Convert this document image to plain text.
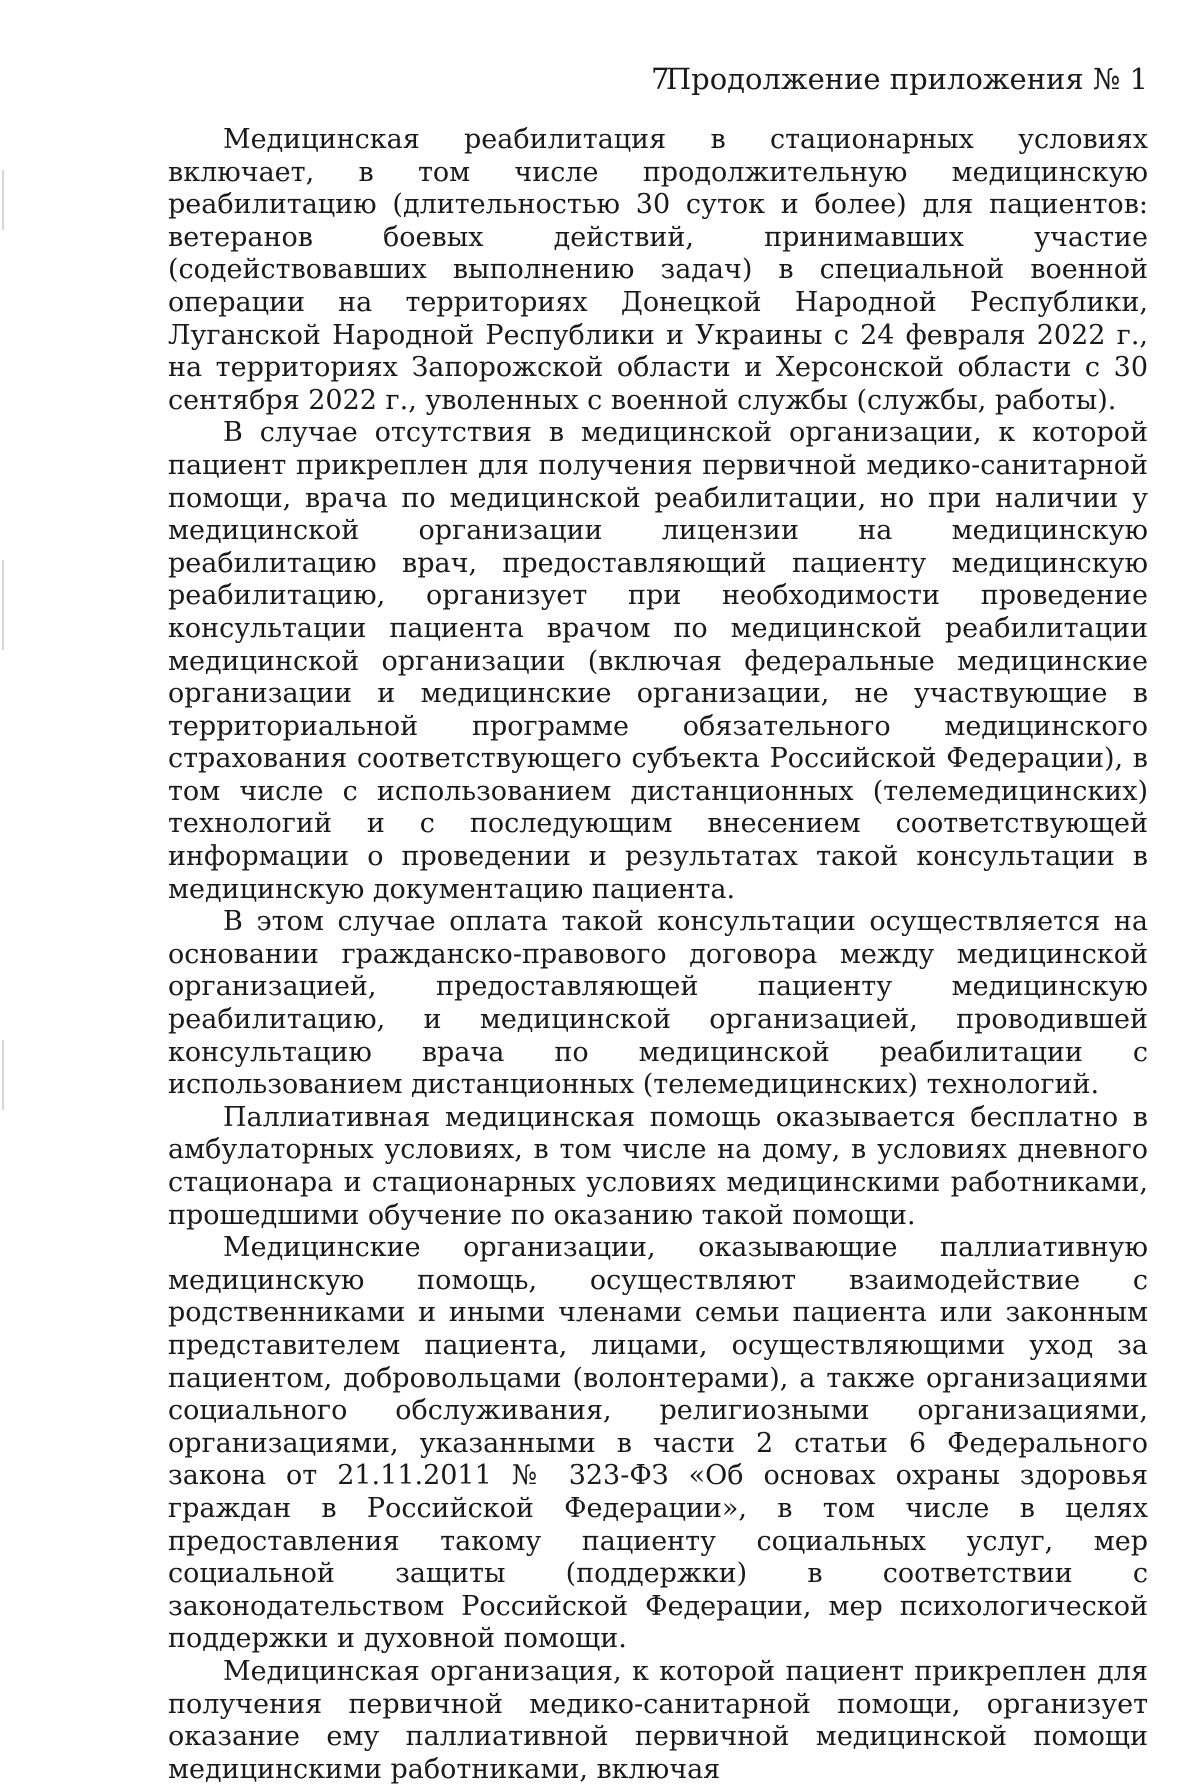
7
Продолжение приложения № 1

Медицинская реабилитация в стационарных условиях включает, в том числе продолжительную медицинскую реабилитацию (длительностью 30 суток и более) для пациентов: ветеранов боевых действий, принимавших участие (содействовавших выполнению задач) в специальной военной операции на территориях Донецкой Народной Республики, Луганской Народной Республики и Украины с 24 февраля 2022 г., на территориях Запорожской области и Херсонской области с 30 сентября 2022 г., уволенных с военной службы (службы, работы).

В случае отсутствия в медицинской организации, к которой пациент прикреплен для получения первичной медико-санитарной помощи, врача по медицинской реабилитации, но при наличии у медицинской организации лицензии на медицинскую реабилитацию врач, предоставляющий пациенту медицинскую реабилитацию, организует при необходимости проведение консультации пациента врачом по медицинской реабилитации медицинской организации (включая федеральные медицинские организации и медицинские организации, не участвующие в территориальной программе обязательного медицинского страхования соответствующего субъекта Российской Федерации), в том числе с использованием дистанционных (телемедицинских) технологий и с последующим внесением соответствующей информации о проведении и результатах такой консультации в медицинскую документацию пациента.

В этом случае оплата такой консультации осуществляется на основании гражданско-правового договора между медицинской организацией, предоставляющей пациенту медицинскую реабилитацию, и медицинской организацией, проводившей консультацию врача по медицинской реабилитации с использованием дистанционных (телемедицинских) технологий.

Паллиативная медицинская помощь оказывается бесплатно в амбулаторных условиях, в том числе на дому, в условиях дневного стационара и стационарных условиях медицинскими работниками, прошедшими обучение по оказанию такой помощи.

Медицинские организации, оказывающие паллиативную медицинскую помощь, осуществляют взаимодействие с родственниками и иными членами семьи пациента или законным представителем пациента, лицами, осуществляющими уход за пациентом, добровольцами (волонтерами), а также организациями социального обслуживания, религиозными организациями, организациями, указанными в части 2 статьи 6 Федерального закона от 21.11.2011 № 323-ФЗ «Об основах охраны здоровья граждан в Российской Федерации», в том числе в целях предоставления такому пациенту социальных услуг, мер социальной защиты (поддержки) в соответствии с законодательством Российской Федерации, мер психологической поддержки и духовной помощи.

Медицинская организация, к которой пациент прикреплен для получения первичной медико-санитарной помощи, организует оказание ему паллиативной первичной медицинской помощи медицинскими работниками, включая
